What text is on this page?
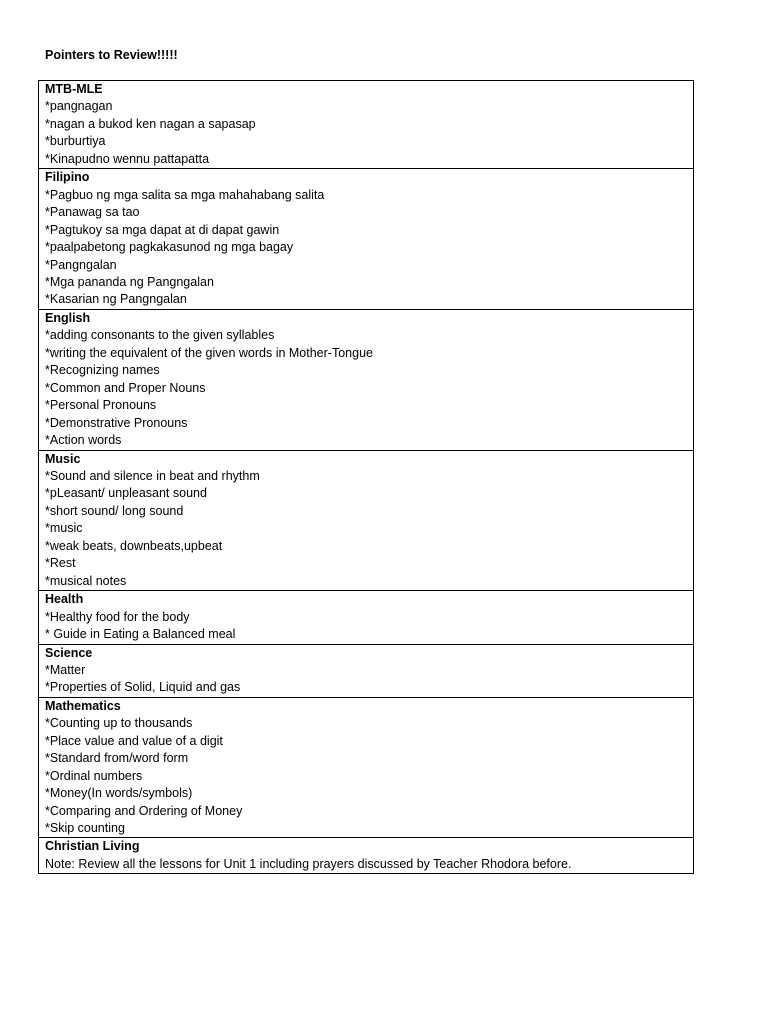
Pointers to Review!!!!!
MTB-MLE
*pangnagan
*nagan a bukod ken nagan a sapasap
*burburtiya
*Kinapudno wennu pattapatta

Filipino
*Pagbuo ng mga salita sa mga mahahabang salita
*Panawag sa tao
*Pagtukoy sa mga dapat at di dapat gawin
*paalpabetong pagkakasunod ng mga bagay
*Pangngalan
*Mga pananda ng Pangngalan
*Kasarian ng Pangngalan

English
*adding consonants to the given syllables
*writing the equivalent of the given words in Mother-Tongue
*Recognizing names
*Common and Proper Nouns
*Personal Pronouns
*Demonstrative Pronouns
*Action words

Music
*Sound and silence in beat and rhythm
*pLeasant/ unpleasant sound
*short sound/ long sound
*music
*weak beats, downbeats,upbeat
*Rest
*musical notes

Health
*Healthy food for the body
* Guide in Eating a Balanced meal

Science
*Matter
*Properties of Solid, Liquid and gas

Mathematics
*Counting up to thousands
*Place value and value of a digit
*Standard from/word form
*Ordinal numbers
*Money(In words/symbols)
*Comparing and Ordering of Money
*Skip counting

Christian Living
Note: Review all the lessons for Unit 1 including prayers discussed by Teacher Rhodora before.
